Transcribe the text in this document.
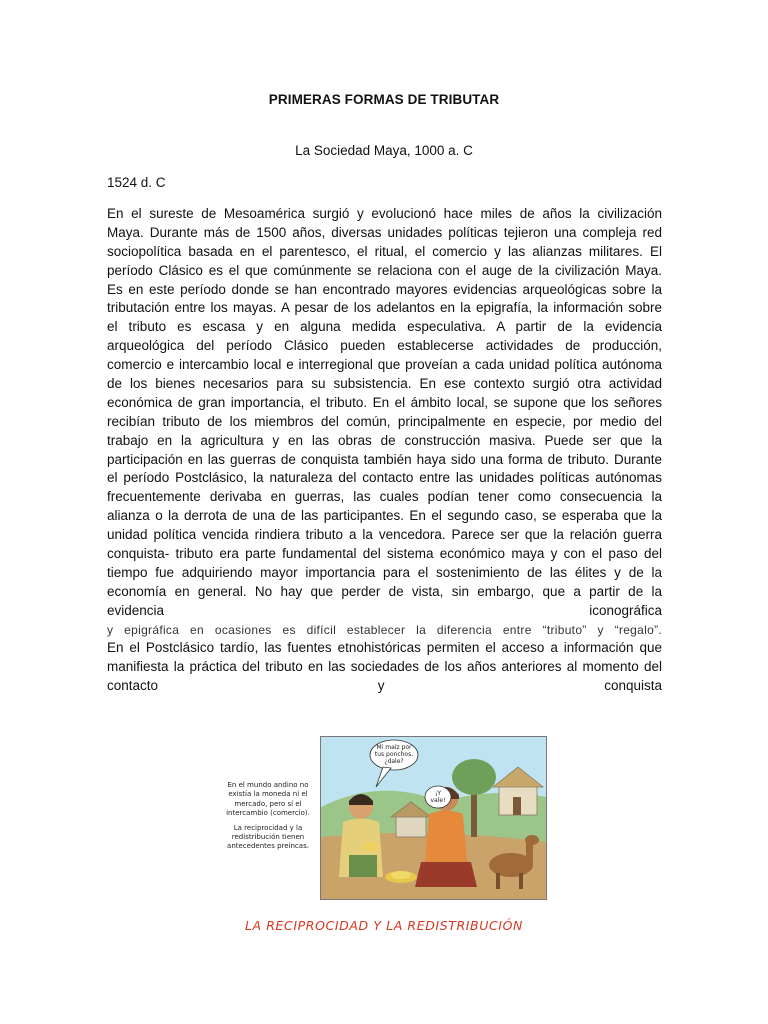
PRIMERAS FORMAS DE TRIBUTAR
La Sociedad Maya, 1000 a. C
1524 d. C
En el sureste de Mesoamérica surgió y evolucionó hace miles de años la civilización
Maya. Durante más de 1500 años, diversas unidades políticas tejieron una compleja red
sociopolítica basada en el parentesco, el ritual, el comercio y las alianzas militares. El
período Clásico es el que comúnmente se relaciona con el auge de la civilización Maya.
Es en este período donde se han encontrado mayores evidencias arqueológicas sobre la
tributación entre los mayas. A pesar de los adelantos en la epigrafía, la información sobre
el tributo es escasa y en alguna medida especulativa. A partir de la evidencia
arqueológica del período Clásico pueden establecerse actividades de producción,
comercio e intercambio local e interregional que proveían a cada unidad política autónoma
de los bienes necesarios para su subsistencia. En ese contexto surgió otra actividad
económica de gran importancia, el tributo. En el ámbito local, se supone que los señores
recibían tributo de los miembros del común, principalmente en especie, por medio del
trabajo en la agricultura y en las obras de construcción masiva. Puede ser que la
participación en las guerras de conquista también haya sido una forma de tributo. Durante
el período Postclásico, la naturaleza del contacto entre las unidades políticas autónomas
frecuentemente derivaba en guerras, las cuales podían tener como consecuencia la
alianza o la derrota de una de las participantes. En el segundo caso, se esperaba que la
unidad política vencida rindiera tributo a la vencedora. Parece ser que la relación guerra
conquista- tributo era parte fundamental del sistema económico maya y con el paso del
tiempo fue adquiriendo mayor importancia para el sostenimiento de las élites y de la
economía en general. No hay que perder de vista, sin embargo, que a partir de la
evidencia iconográfica
y epigráfica en ocasiones es difícil establecer la diferencia entre “tributo” y “regalo”.
En el Postclásico tardío, las fuentes etnohistóricas permiten el acceso a información que
manifiesta la práctica del tributo en las sociedades de los años anteriores al momento del
contacto y conquista

En el mundo andino no existía la moneda ni el mercado, pero sí el intercambio (comercio).

La reciprocidad y la redistribución tienen antecedentes preincas.

Mi maíz por
tus ponchos,
¿dale?
¡Y
vale!
LA RECIPROCIDAD Y LA REDISTRIBUCIÓN
